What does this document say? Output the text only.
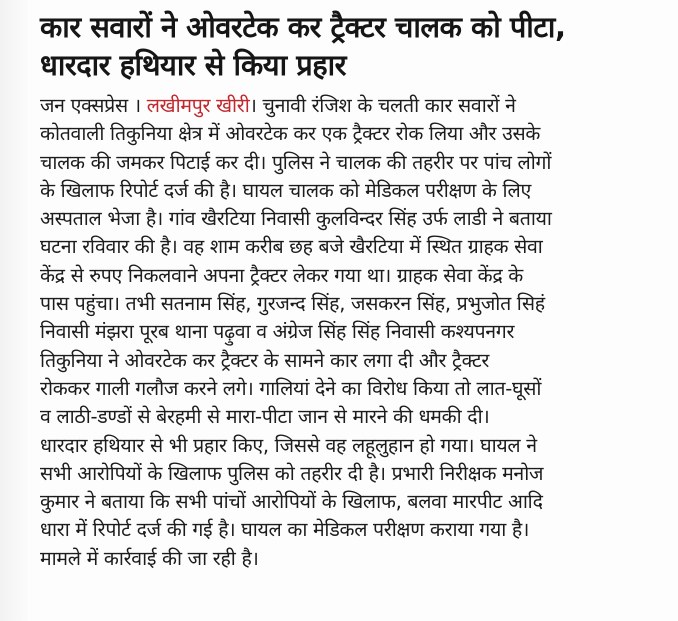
कार सवारों ने ओवरटेक कर ट्रैक्टर चालक को पीटा,
धारदार हथियार से किया प्रहार
जन एक्सप्रेस । लखीमपुर खीरी। चुनावी रंजिश के चलती कार सवारों ने
कोतवाली तिकुनिया क्षेत्र में ओवरटेक कर एक ट्रैक्टर रोक लिया और उसके
चालक की जमकर पिटाई कर दी। पुलिस ने चालक की तहरीर पर पांच लोगों
के खिलाफ रिपोर्ट दर्ज की है। घायल चालक को मेडिकल परीक्षण के लिए
अस्पताल भेजा है। गांव खैरटिया निवासी कुलविन्दर सिंह उर्फ लाडी ने बताया
घटना रविवार की है। वह शाम करीब छह बजे खैरटिया में स्थित ग्राहक सेवा
केंद्र से रुपए निकलवाने अपना ट्रैक्टर लेकर गया था। ग्राहक सेवा केंद्र के
पास पहुंचा। तभी सतनाम सिंह, गुरजन्द सिंह, जसकरन सिंह, प्रभुजोत सिहं
निवासी मंझरा पूरब थाना पढ़ुवा व अंग्रेज सिंह सिंह निवासी कश्यपनगर
तिकुनिया ने ओवरटेक कर ट्रैक्टर के सामने कार लगा दी और ट्रैक्टर
रोककर गाली गलौज करने लगे। गालियां देने का विरोध किया तो लात-घूसों
व लाठी-डण्डों से बेरहमी से मारा-पीटा जान से मारने की धमकी दी।
धारदार हथियार से भी प्रहार किए, जिससे वह लहूलुहान हो गया। घायल ने
सभी आरोपियों के खिलाफ पुलिस को तहरीर दी है। प्रभारी निरीक्षक मनोज
कुमार ने बताया कि सभी पांचों आरोपियों के खिलाफ, बलवा मारपीट आदि
धारा में रिपोर्ट दर्ज की गई है। घायल का मेडिकल परीक्षण कराया गया है।
मामले में कार्रवाई की जा रही है।
